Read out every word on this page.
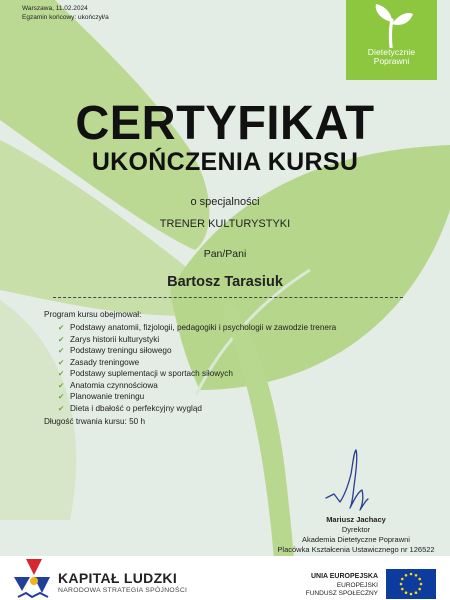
Warszawa, 11.02.2024
Egzamin końcowy: ukończył/a
Dietetycznie
Poprawni
CERTYFIKAT
UKOŃCZENIA KURSU
o specjalności
TRENER KULTURYSTYKI
Pan/Pani
Bartosz Tarasiuk
Program kursu obejmował:
✔ Podstawy anatomii, fizjologii, pedagogiki i psychologii w zawodzie trenera
✔ Zarys historii kulturystyki
✔ Podstawy treningu siłowego
✔ Zasady treningowe
✔ Podstawy suplementacji w sportach siłowych
✔ Anatomia czynnościowa
✔ Planowanie treningu
✔ Dieta i dbałość o perfekcyjny wygląd
Długość trwania kursu: 50 h
Mariusz Jachacy
Dyrektor
Akademia Dietetyczne Poprawni
Placówka Kształcenia Ustawicznego nr 126522
KAPITAŁ LUDZKI
NARODOWA STRATEGIA SPÓJNOŚCI
UNIA EUROPEJSKA
EUROPEJSKI
FUNDUSZ SPOŁECZNY
